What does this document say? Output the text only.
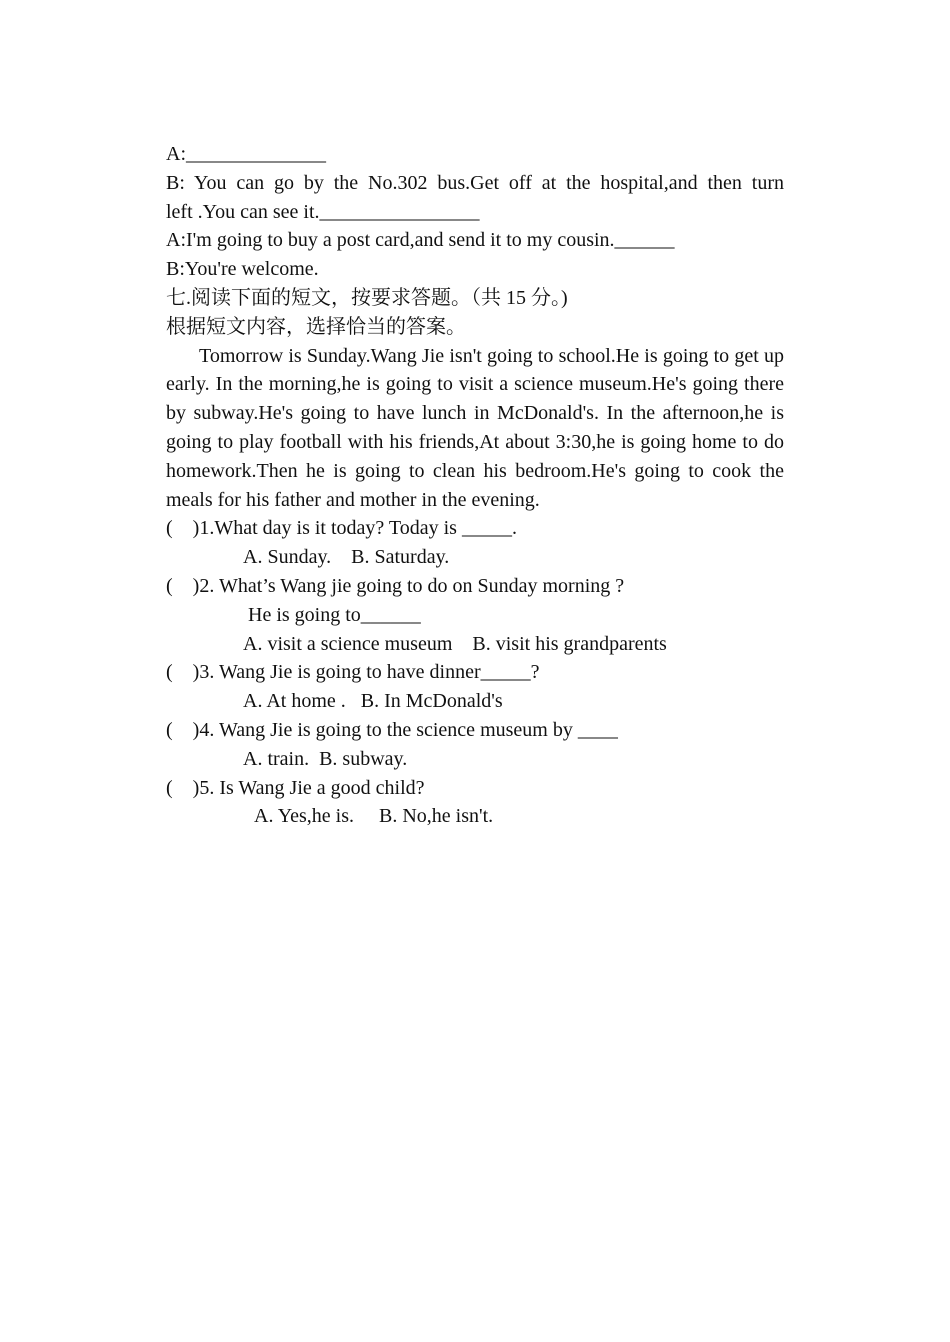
A:______________
B: You can go by the No.302 bus.Get off at the hospital,and then turn
left .You can see it.________________
A:I'm going to buy a post card,and send it to my cousin.______
B:You're welcome.
七.阅读下面的短文，按要求答题。（共 15 分。)
根据短文内容，选择恰当的答案。
Tomorrow is Sunday.Wang Jie isn't going to school.He is going to get up early. In the morning,he is going to visit a science museum.He's going there by subway.He's going to have lunch in McDonald's. In the afternoon,he is going to play football with his friends,At about 3:30,he is going home to do homework.Then he is going to clean his bedroom.He's going to cook the meals for his father and mother in the evening.
(    )1.What day is it today? Today is _____.
A. Sunday.    B. Saturday.
(    )2. What’s Wang jie going to do on Sunday morning ?
He is going to______
A. visit a science museum    B. visit his grandparents
(    )3. Wang Jie is going to have dinner_____?
A. At home .   B. In McDonald's
(    )4. Wang Jie is going to the science museum by ____
A. train.  B. subway.
(    )5. Is Wang Jie a good child?
A. Yes,he is.     B. No,he isn't.
